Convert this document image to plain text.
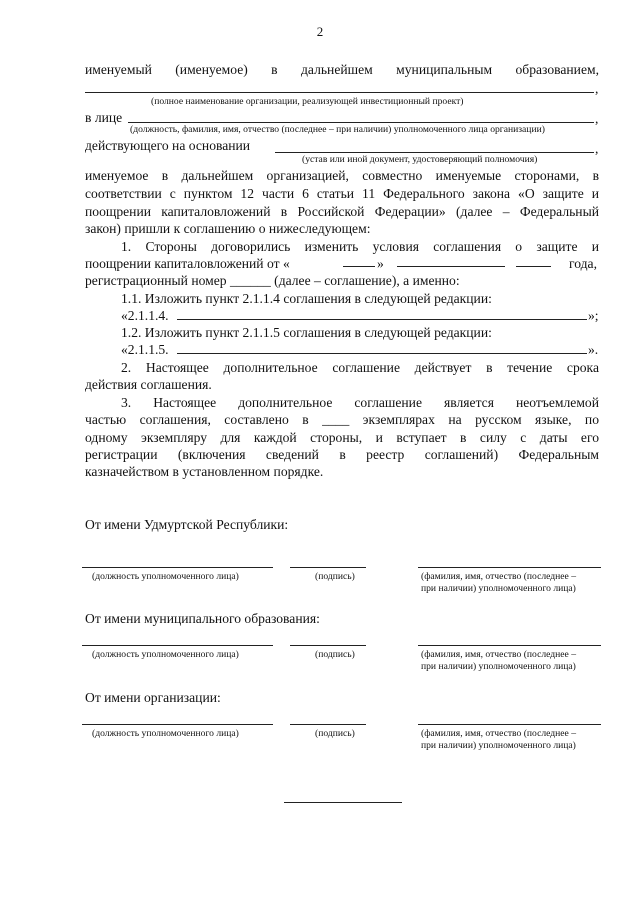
2
именуемый (именуемое) в дальнейшем муниципальным образованием,
,
(полное наименование организации, реализующей инвестиционный проект)
в лице	,
(должность, фамилия, имя, отчество (последнее – при наличии) уполномоченного лица организации)
действующего на основании	,
(устав или иной документ, удостоверяющий полномочия)
именуемое в дальнейшем организацией, совместно именуемые сторонами, в
соответствии с пунктом 12 части 6 статьи 11 Федерального закона «О защите и
поощрении капиталовложений в Российской Федерации» (далее – Федеральный
закон) пришли к соглашению о нижеследующем:
1. Стороны договорились изменить условия соглашения о защите и
поощрении капиталовложений от «	»	года,
регистрационный номер ______ (далее – соглашение), а именно:
1.1. Изложить пункт 2.1.1.4 соглашения в следующей редакции:
«2.1.1.4.	»;
1.2. Изложить пункт 2.1.1.5 соглашения в следующей редакции:
«2.1.1.5.	».
2. Настоящее дополнительное соглашение действует в течение срока
действия соглашения.
3. Настоящее дополнительное соглашение является неотъемлемой
частью соглашения, составлено в ____ экземплярах на русском языке, по
одному экземпляру для каждой стороны, и вступает в силу с даты его
регистрации (включения сведений в реестр соглашений) Федеральным
казначейством в установленном порядке.
От имени Удмуртской Республики:
(должность уполномоченного лица)	(подпись)	(фамилия, имя, отчество (последнее –
при наличии) уполномоченного лица)
От имени муниципального образования:
(должность уполномоченного лица)	(подпись)	(фамилия, имя, отчество (последнее –
при наличии) уполномоченного лица)
От имени организации:
(должность уполномоченного лица)	(подпись)	(фамилия, имя, отчество (последнее –
при наличии) уполномоченного лица)
